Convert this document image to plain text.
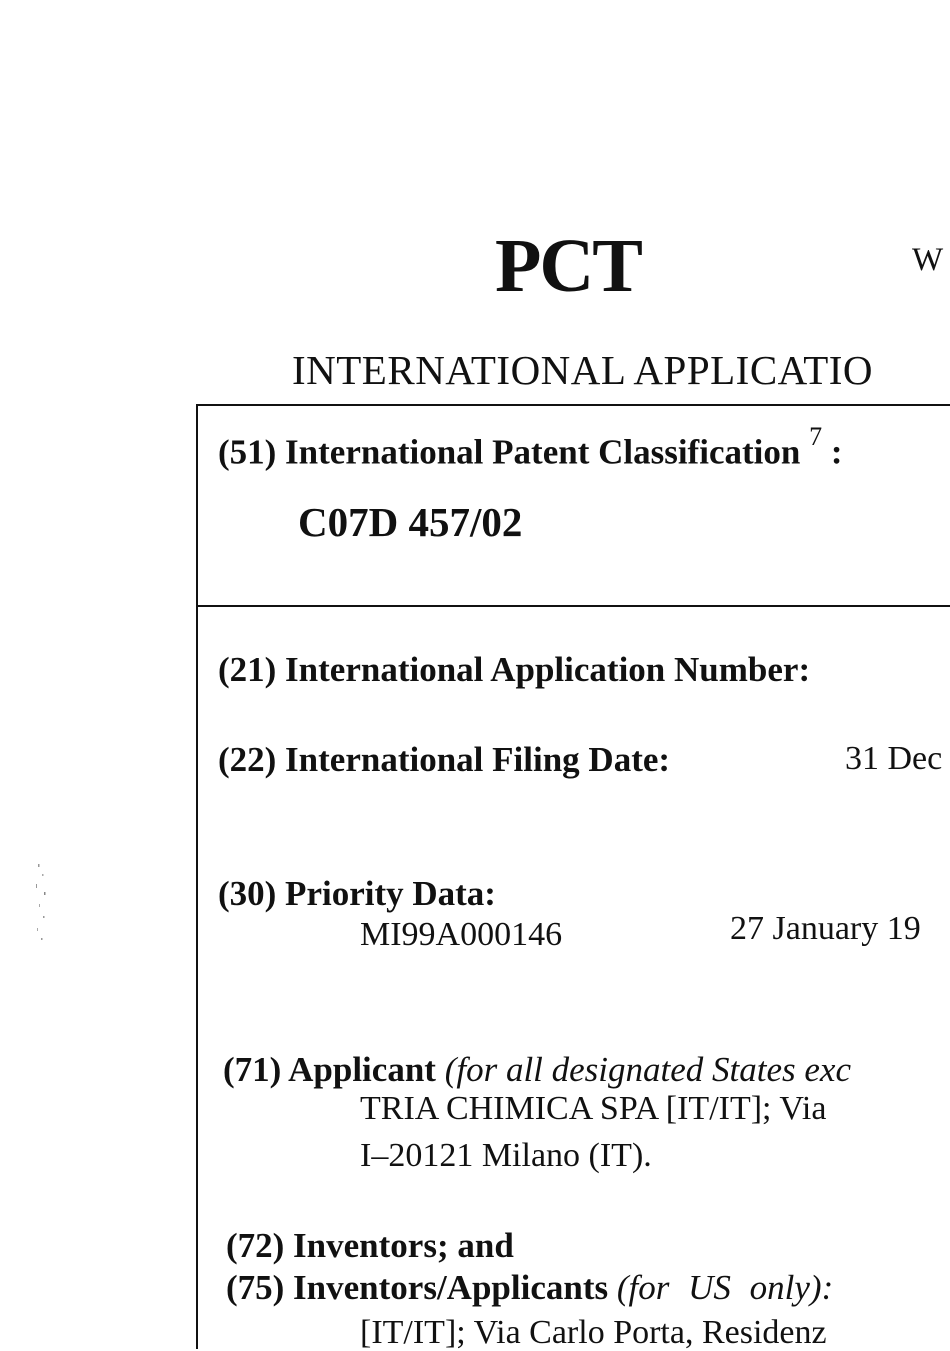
PCT	W
INTERNATIONAL APPLICATIO
(51) International Patent Classification $^7$ :
C07D 457/02
(21) International Application Number:
(22) International Filing Date:	31 Dec
(30) Priority Data:
MI99A000146	27 January 19
(71) Applicant (for all designated States exc
TRIA CHIMICA SPA [IT/IT]; Via
I–20121 Milano (IT).
(72) Inventors; and
(75) Inventors/Applicants (for US only):
[IT/IT]; Via Carlo Porta, Residenz
